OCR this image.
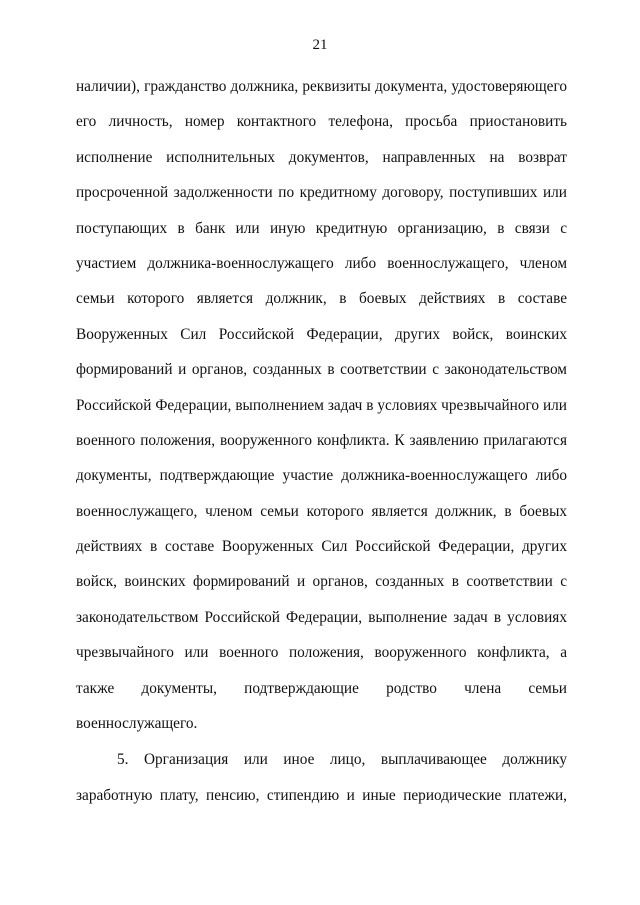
21
наличии), гражданство должника, реквизиты документа, удостоверяющего
его личность, номер контактного телефона, просьба приостановить
исполнение исполнительных документов, направленных на возврат
просроченной задолженности по кредитному договору, поступивших или
поступающих в банк или иную кредитную организацию, в связи с
участием должника-военнослужащего либо военнослужащего, членом
семьи которого является должник, в боевых действиях в составе
Вооруженных Сил Российской Федерации, других войск, воинских
формирований и органов, созданных в соответствии с законодательством
Российской Федерации, выполнением задач в условиях чрезвычайного или
военного положения, вооруженного конфликта. К заявлению прилагаются
документы, подтверждающие участие должника-военнослужащего либо
военнослужащего, членом семьи которого является должник, в боевых
действиях в составе Вооруженных Сил Российской Федерации, других
войск, воинских формирований и органов, созданных в соответствии с
законодательством Российской Федерации, выполнение задач в условиях
чрезвычайного или военного положения, вооруженного конфликта, а
также документы, подтверждающие родство члена семьи
военнослужащего.
5. Организация или иное лицо, выплачивающее должнику
заработную плату, пенсию, стипендию и иные периодические платежи,
